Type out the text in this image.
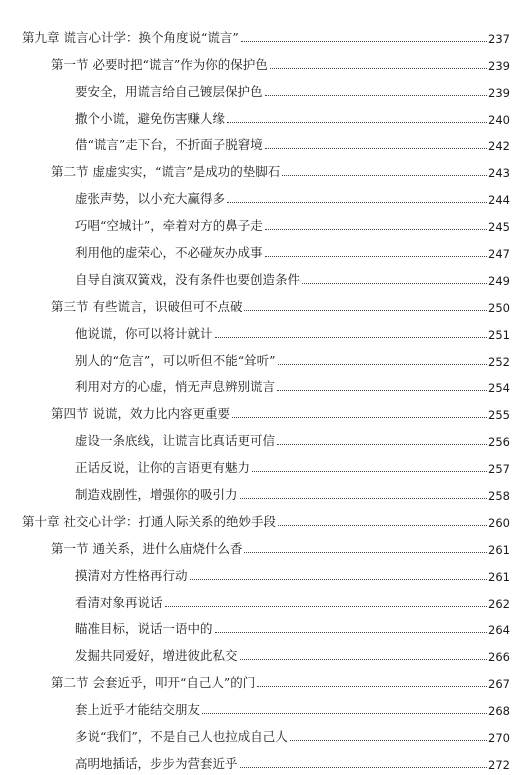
第九章 谎言心计学：换个角度说“谎言”	237
第一节 必要时把“谎言”作为你的保护色	239
要安全，用谎言给自己镀层保护色	239
撒个小谎，避免伤害赚人缘	240
借“谎言”走下台，不折面子脱窘境	242
第二节 虚虚实实，“谎言”是成功的垫脚石	243
虚张声势，以小充大赢得多	244
巧唱“空城计”，牵着对方的鼻子走	245
利用他的虚荣心，不必碰灰办成事	247
自导自演双簧戏，没有条件也要创造条件	249
第三节 有些谎言，识破但可不点破	250
他说谎，你可以将计就计	251
别人的“危言”，可以听但不能“耸听”	252
利用对方的心虚，悄无声息辨别谎言	254
第四节 说谎，效力比内容更重要	255
虚设一条底线，让谎言比真话更可信	256
正话反说，让你的言语更有魅力	257
制造戏剧性，增强你的吸引力	258
第十章 社交心计学：打通人际关系的绝妙手段	260
第一节 通关系，进什么庙烧什么香	261
摸清对方性格再行动	261
看清对象再说话	262
瞄准目标，说话一语中的	264
发掘共同爱好，增进彼此私交	266
第二节 会套近乎，叩开“自己人”的门	267
套上近乎才能结交朋友	268
多说“我们”，不是自己人也拉成自己人	270
高明地插话，步步为营套近乎	272
